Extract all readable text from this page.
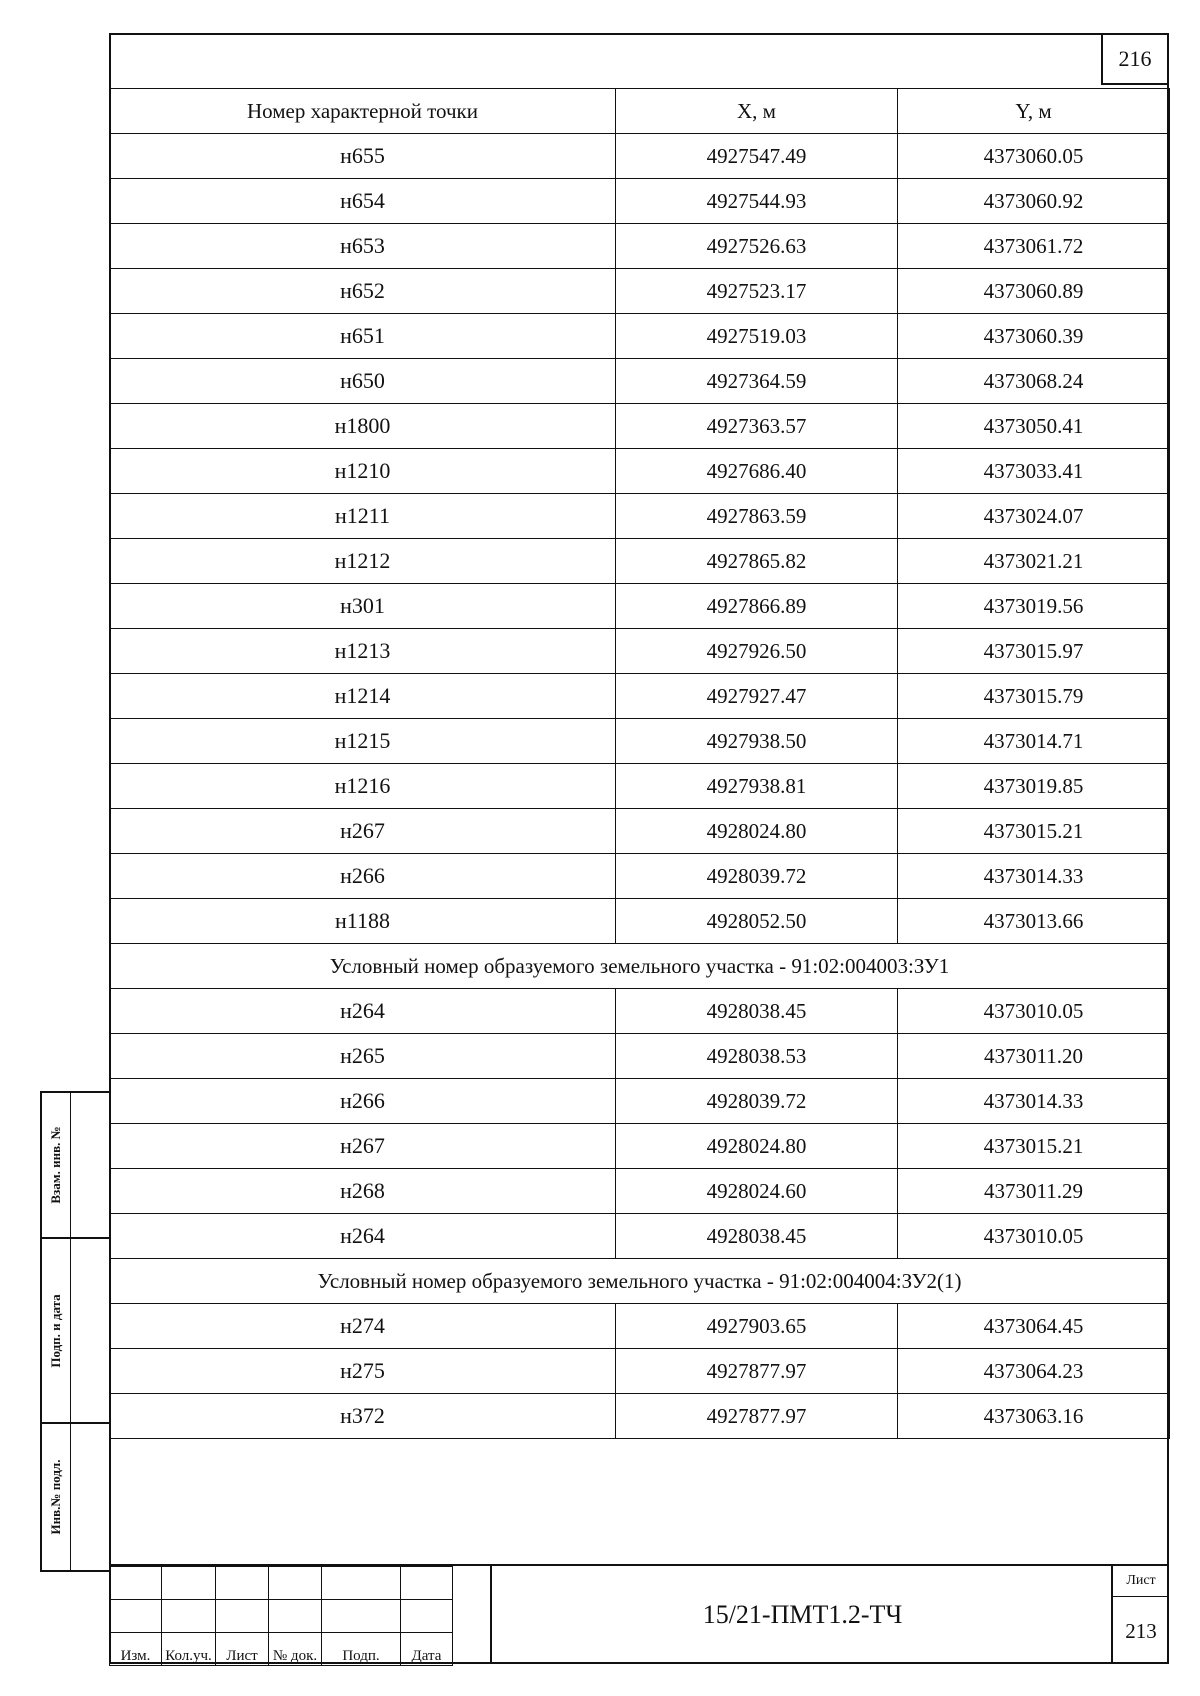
Взам. инв. №
Подп. и дата
Инв.№ подл.
216
Номер характерной точки	X, м	Y, м
н655	4927547.49	4373060.05
н654	4927544.93	4373060.92
н653	4927526.63	4373061.72
н652	4927523.17	4373060.89
н651	4927519.03	4373060.39
н650	4927364.59	4373068.24
н1800	4927363.57	4373050.41
н1210	4927686.40	4373033.41
н1211	4927863.59	4373024.07
н1212	4927865.82	4373021.21
н301	4927866.89	4373019.56
н1213	4927926.50	4373015.97
н1214	4927927.47	4373015.79
н1215	4927938.50	4373014.71
н1216	4927938.81	4373019.85
н267	4928024.80	4373015.21
н266	4928039.72	4373014.33
н1188	4928052.50	4373013.66
Условный номер образуемого земельного участка - 91:02:004003:ЗУ1		
н264	4928038.45	4373010.05
н265	4928038.53	4373011.20
н266	4928039.72	4373014.33
н267	4928024.80	4373015.21
н268	4928024.60	4373011.29
н264	4928038.45	4373010.05
Условный номер образуемого земельного участка - 91:02:004004:ЗУ2(1)		
н274	4927903.65	4373064.45
н275	4927877.97	4373064.23
н372	4927877.97	4373063.16

Изм.	Кол.уч.	Лист	№ док.	Подп.	Дата
15/21-ПМТ1.2-ТЧ
Лист
213
